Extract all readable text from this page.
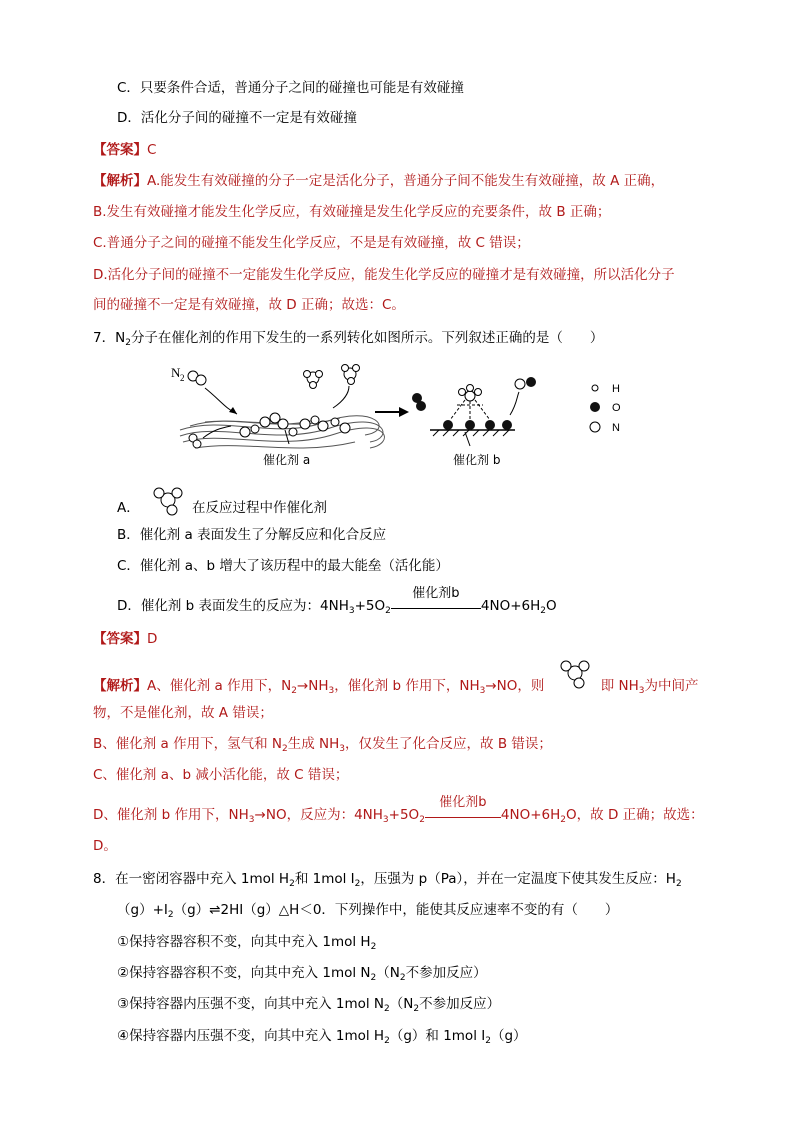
C．只要条件合适，普通分子之间的碰撞也可能是有效碰撞
D．活化分子间的碰撞不一定是有效碰撞
【答案】C
【解析】A.能发生有效碰撞的分子一定是活化分子，普通分子间不能发生有效碰撞，故 A 正确，
B.发生有效碰撞才能发生化学反应，有效碰撞是发生化学反应的充要条件，故 B 正确；
C.普通分子之间的碰撞不能发生化学反应，不是是有效碰撞，故 C 错误；
D.活化分子间的碰撞不一定能发生化学反应，能发生化学反应的碰撞才是有效碰撞，所以活化分子
间的碰撞不一定是有效碰撞，故 D 正确；故选：C。
7．$N_2$分子在催化剂的作用下发生的一系列转化如图所示。下列叙述正确的是（　　）
N 2
H
O
N
催化剂 a	催化剂 b
A．	在反应过程中作催化剂
B．催化剂 a 表面发生了分解反应和化合反应
C．催化剂 a、b 增大了该历程中的最大能垒（活化能）
D．催化剂 b 表面发生的反应为：$4NH_3+5O_2$
催化剂b
$4NO+6H_2O$
【答案】D
【解析】A、催化剂 a 作用下，$N_2\to NH_3$，催化剂 b 作用下，$NH_3\to NO$，则	即 $NH_3$为中间产
物，不是催化剂，故 A 错误；
B、催化剂 a 作用下，氢气和 $N_2$生成 $NH_3$，仅发生了化合反应，故 B 错误；
C、催化剂 a、b 减小活化能，故 C 错误；
D、催化剂 b 作用下，$NH_3\to NO$，反应为：$4NH_3+5O_2$
催化剂b
$4NO+6H_2O$，故 D 正确；故选：
D。
8．在一密闭容器中充入 1mol $H_2$和 1mol $I_2$，压强为 p（Pa），并在一定温度下使其发生反应：$H_2$
$(g)+I_2(g)\rightleftharpoons 2HI(g)\triangle H<0$．下列操作中，能使其反应速率不变的有（　　）
①保持容器容积不变，向其中充入 1mol $H_2$
②保持容器容积不变，向其中充入 1mol $N_2(N_2$不参加反应）
③保持容器内压强不变，向其中充入 1mol $N_2(N_2$不参加反应）
④保持容器内压强不变，向其中充入 1mol $H_2(g)$和 1mol $I_2(g)$
